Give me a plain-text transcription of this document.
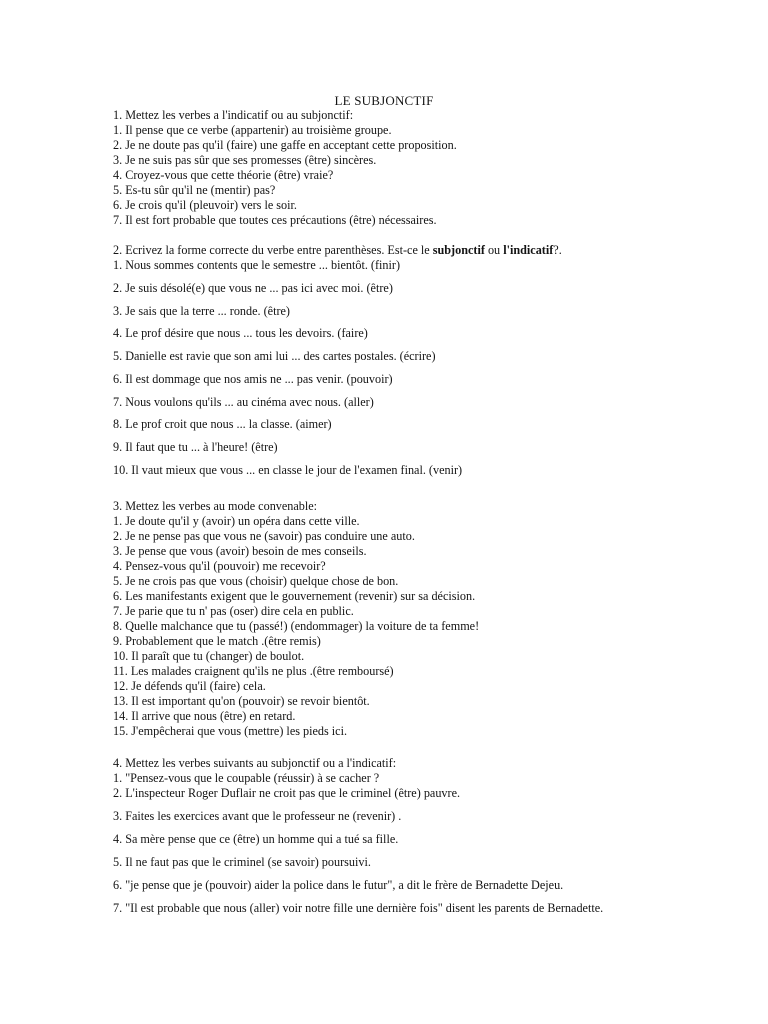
LE SUBJONCTIF
1. Mettez les verbes a l'indicatif ou au subjonctif:
1. Il pense que ce verbe (appartenir) au troisième groupe.
2. Je ne doute pas qu'il (faire) une gaffe en acceptant cette proposition.
3. Je ne suis pas sûr que ses promesses (être) sincères.
4. Croyez-vous que cette théorie (être) vraie?
5. Es-tu sûr qu'il ne (mentir) pas?
6. Je crois qu'il (pleuvoir) vers le soir.
7. Il est fort probable que toutes ces précautions (être) nécessaires.
2. Ecrivez la forme correcte du verbe entre parenthèses. Est-ce le subjonctif ou l'indicatif?.
1. Nous sommes contents que le semestre ... bientôt. (finir)
2. Je suis désolé(e) que vous ne ... pas ici avec moi. (être)
3. Je sais que la terre ... ronde. (être)
4. Le prof désire que nous ... tous les devoirs. (faire)
5. Danielle est ravie que son ami lui ... des cartes postales. (écrire)
6. Il est dommage que nos amis ne ... pas venir. (pouvoir)
7. Nous voulons qu'ils ... au cinéma avec nous. (aller)
8. Le prof croit que nous ... la classe. (aimer)
9. Il faut que tu ... à l'heure! (être)
10. Il vaut mieux que vous ... en classe le jour de l'examen final. (venir)
3. Mettez les verbes au mode convenable:
1. Je doute qu'il y (avoir) un opéra dans cette ville.
2. Je ne pense pas que vous ne (savoir) pas conduire une auto.
3. Je pense que vous (avoir) besoin de mes conseils.
4. Pensez-vous qu'il (pouvoir) me recevoir?
5. Je ne crois pas que vous (choisir) quelque chose de bon.
6. Les manifestants exigent que le gouvernement (revenir) sur sa décision.
7. Je parie que tu n' pas (oser) dire cela en public.
8. Quelle malchance que tu (passé!) (endommager) la voiture de ta femme!
9. Probablement que le match .(être remis)
10. Il paraît que tu (changer) de boulot.
11. Les malades craignent qu'ils ne plus .(être remboursé)
12. Je défends qu'il (faire) cela.
13. Il est important qu'on (pouvoir) se revoir bientôt.
14. Il arrive que nous (être) en retard.
15. J'empêcherai que vous (mettre) les pieds ici.
4. Mettez les verbes suivants au subjonctif ou a l'indicatif:
1. "Pensez-vous que le coupable (réussir) à se cacher ?
2. L'inspecteur Roger Duflair ne croit pas que le criminel (être) pauvre.
3. Faites les exercices avant que le professeur ne (revenir) .
4. Sa mère pense que ce (être) un homme qui a tué sa fille.
5. Il ne faut pas que le criminel (se savoir) poursuivi.
6. "je pense que je (pouvoir) aider la police dans le futur", a dit le frère de Bernadette Dejeu.
7. "Il est probable que nous (aller) voir notre fille une dernière fois" disent les parents de Bernadette.
